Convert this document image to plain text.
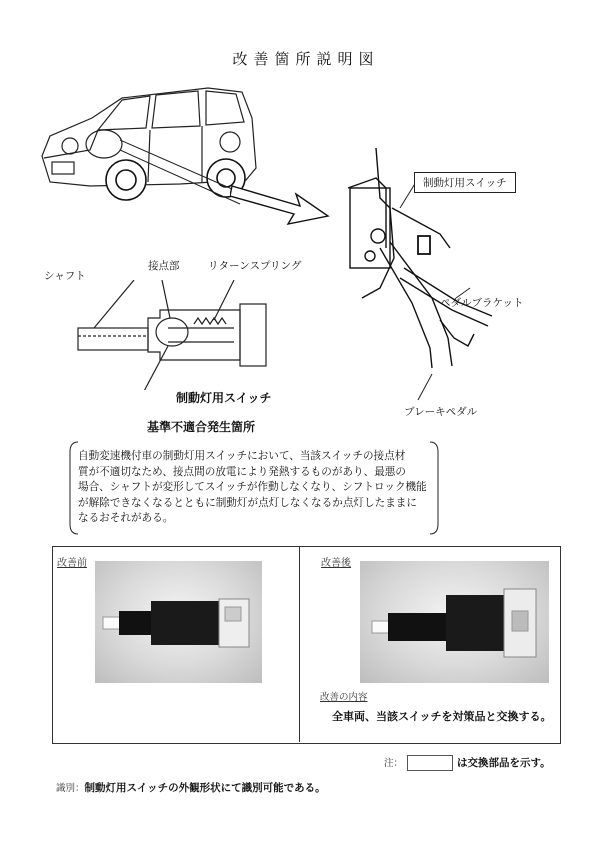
改善箇所説明図
制動灯用スイッチ
ペダルブラケット
ブレーキペダル
シャフト
接点部	リターンスプリング
制動灯用スイッチ
基準不適合発生箇所
自動変速機付車の制動灯用スイッチにおいて、当該スイッチの接点材
質が不適切なため、接点間の放電により発熱するものがあり、最悪の
場合、シャフトが変形してスイッチが作動しなくなり、シフトロック機能
が解除できなくなるとともに制動灯が点灯しなくなるか点灯したままに
なるおそれがある。
改善前	改善後
改善の内容
全車両、当該スイッチを対策品と交換する。
注：	は交換部品を示す。
識別：制動灯用スイッチの外観形状にて識別可能である。
